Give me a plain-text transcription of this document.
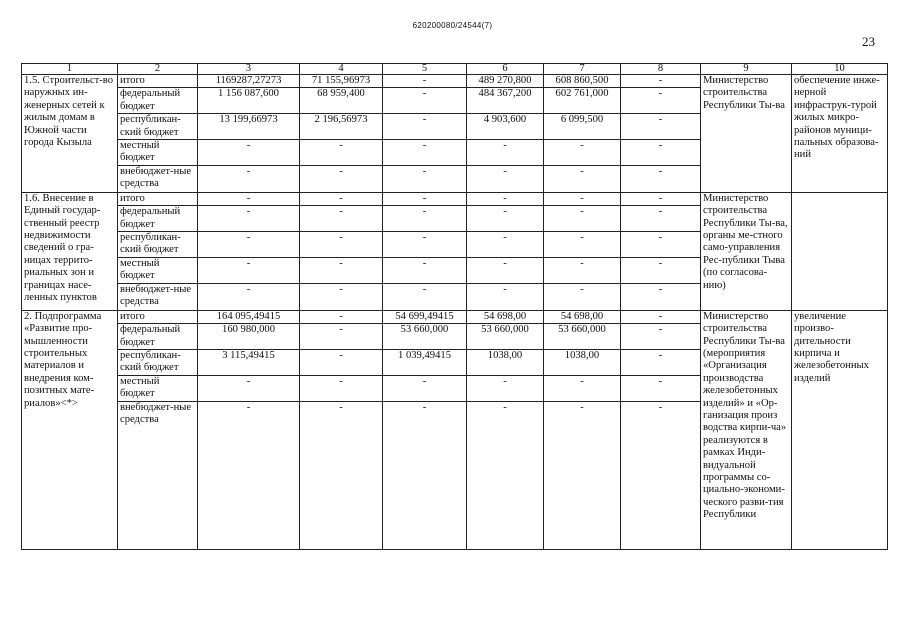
620200080/24544(7)
23
1	2	3	4	5	6	7	8	9	10
1.5. Строительст-во наружных ин-женерных сетей к жилым домам в Южной части города Кызыла	итого	1169287,27273	71 155,96973	-	489 270,800	608 860,500	-	Министерство строительства Республики Ты-ва	обеспечение инже-нерной инфраструк-турой жилых микро-районов муници-пальных образова-ний
	федеральный бюджет	1 156 087,600	68 959,400	-	484 367,200	602 761,000	-		
	республикан-ский бюджет	13 199,66973	2 196,56973	-	4 903,600	6 099,500	-		
	местный бюджет	-	-	-	-	-	-		
	внебюджет-ные средства	-	-	-	-	-	-		
1.6. Внесение в Единый государ-ственный реестр недвижимости сведений о гра-ницах террито-риальных зон и границах насе-ленных пунктов	итого	-	-	-	-	-	-	Министерство строительства Республики Ты-ва, органы ме-стного само-управления Рес-публики Тыва (по согласова-нию)	
	федеральный бюджет	-	-	-	-	-	-		
	республикан-ский бюджет	-	-	-	-	-	-		
	местный бюджет	-	-	-	-	-	-		
	внебюджет-ные средства	-	-	-	-	-	-		
2. Подпрограмма «Развитие про-мышленности строительных материалов и внедрения ком-позитных мате-риалов»<*>	итого	164 095,49415	-	54 699,49415	54 698,00	54 698,00	-	Министерство строительства Республики Ты-ва (мероприятия «Организация производства железобетонных изделий» и «Ор-ганизация произ водства кирпи-ча» реализуются в рамках Инди-видуальной программы со-циально-экономи-ческого разви-тия Республики	увеличение произво-дительности кирпича и железобетонных изделий
	федеральный бюджет	160 980,000	-	53 660,000	53 660,000	53 660,000	-		
	республикан-ский бюджет	3 115,49415	-	1 039,49415	1038,00	1038,00	-		
	местный бюджет	-	-	-	-	-	-		
	внебюджет-ные средства	-	-	-	-	-	-		
